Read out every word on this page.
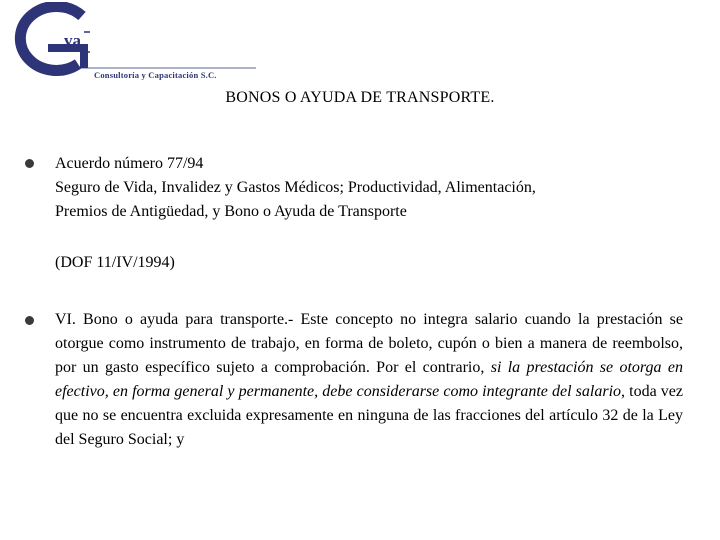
va
Consultoría y Capacitación S.C.
BONOS O AYUDA DE TRANSPORTE.

Acuerdo número 77/94

Seguro de Vida, Invalidez y Gastos Médicos; Productividad, Alimentación,

Premios de Antigüedad, y Bono o Ayuda de Transporte

(DOF 11/IV/1994)

VI. Bono o ayuda para transporte.- Este concepto no integra salario cuando la prestación se otorgue como instrumento de trabajo, en forma de boleto, cupón o bien a manera de reembolso, por un gasto específico sujeto a comprobación. Por el contrario, si la prestación se otorga en efectivo, en forma general y permanente, debe considerarse como integrante del salario, toda vez que no se encuentra excluida expresamente en ninguna de las fracciones del artículo 32 de la Ley del Seguro Social; y
